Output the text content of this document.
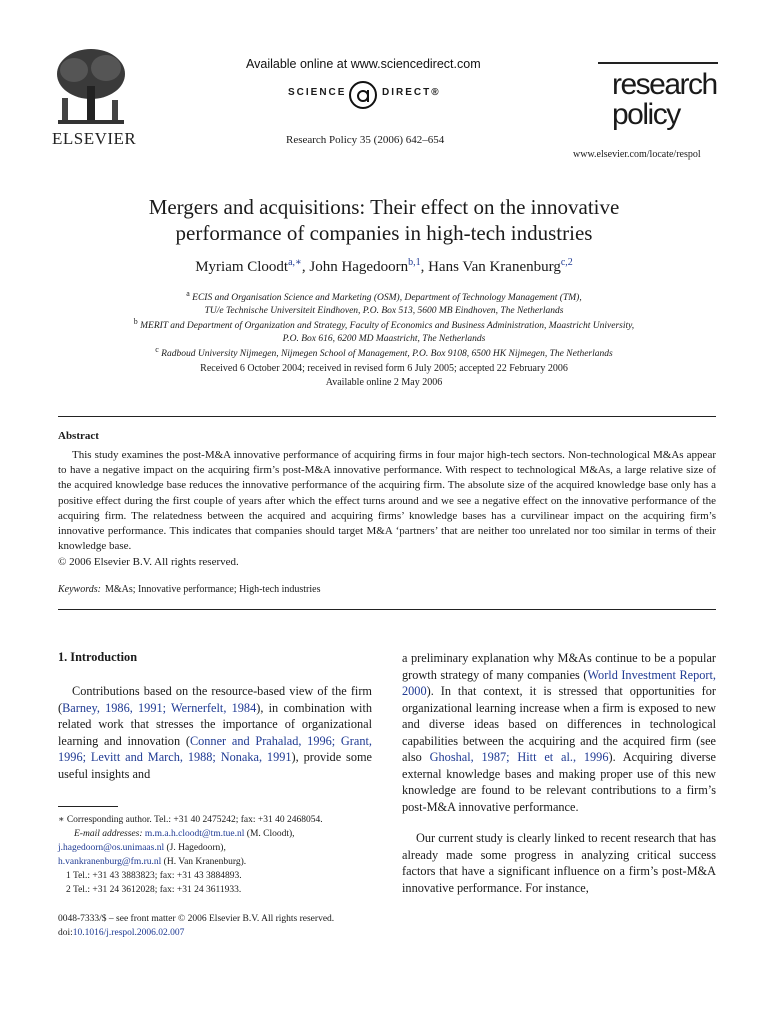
ELSEVIER
Available online at www.sciencedirect.com
SCIENCE	DIRECT®
Research Policy 35 (2006) 642–654
research
policy
www.elsevier.com/locate/respol
Mergers and acquisitions: Their effect on the innovative
performance of companies in high-tech industries
Myriam Cloodt$^{a,∗}$, John Hagedoorn$^{b,1}$, Hans Van Kranenburg$^{c,2}$
$^a$ ECIS and Organisation Science and Marketing (OSM), Department of Technology Management (TM),
TU/e Technische Universiteit Eindhoven, P.O. Box 513, 5600 MB Eindhoven, The Netherlands
$^b$ MERIT and Department of Organization and Strategy, Faculty of Economics and Business Administration, Maastricht University,
P.O. Box 616, 6200 MD Maastricht, The Netherlands
$^c$ Radboud University Nijmegen, Nijmegen School of Management, P.O. Box 9108, 6500 HK Nijmegen, The Netherlands
Received 6 October 2004; received in revised form 6 July 2005; accepted 22 February 2006
Available online 2 May 2006
Abstract
This study examines the post-M&A innovative performance of acquiring firms in four major high-tech sectors. Non-technological M&As appear to have a negative impact on the acquiring firm’s post-M&A innovative performance. With respect to technological M&As, a large relative size of the acquired knowledge base reduces the innovative performance of the acquiring firm. The absolute size of the acquired knowledge base only has a positive effect during the first couple of years after which the effect turns around and we see a negative effect on the innovative performance of the acquiring firm. The relatedness between the acquired and acquiring firms’ knowledge bases has a curvilinear impact on the acquiring firm’s innovative performance. This indicates that companies should target M&A ‘partners’ that are neither too unrelated nor too similar in terms of their knowledge base.
© 2006 Elsevier B.V. All rights reserved.
Keywords: M&As; Innovative performance; High-tech industries
1. Introduction
Contributions based on the resource-based view of the firm (Barney, 1986, 1991; Wernerfelt, 1984), in combination with related work that stresses the importance of organizational learning and innovation (Conner and Prahalad, 1996; Grant, 1996; Levitt and March, 1988; Nonaka, 1991), provide some useful insights and
a preliminary explanation why M&As continue to be a popular growth strategy of many companies (World Investment Report, 2000). In that context, it is stressed that opportunities for organizational learning increase when a firm is exposed to new and diverse ideas based on differences in technological capabilities between the acquiring and the acquired firm (see also Ghoshal, 1987; Hitt et al., 1996). Acquiring diverse external knowledge bases and making proper use of this new knowledge are found to be relevant contributions to a firm’s post-M&A innovative performance.
Our current study is clearly linked to recent research that has already made some progress in analyzing critical success factors that have a significant influence on a firm’s post-M&A innovative performance. For instance,
∗ Corresponding author. Tel.: +31 40 2475242; fax: +31 40 2468054.
E-mail addresses: m.m.a.h.cloodt@tm.tue.nl (M. Cloodt),
j.hagedoorn@os.unimaas.nl (J. Hagedoorn),
h.vankranenburg@fm.ru.nl (H. Van Kranenburg).
1 Tel.: +31 43 3883823; fax: +31 43 3884893.
2 Tel.: +31 24 3612028; fax: +31 24 3611933.
0048-7333/$ – see front matter © 2006 Elsevier B.V. All rights reserved.
doi:10.1016/j.respol.2006.02.007
